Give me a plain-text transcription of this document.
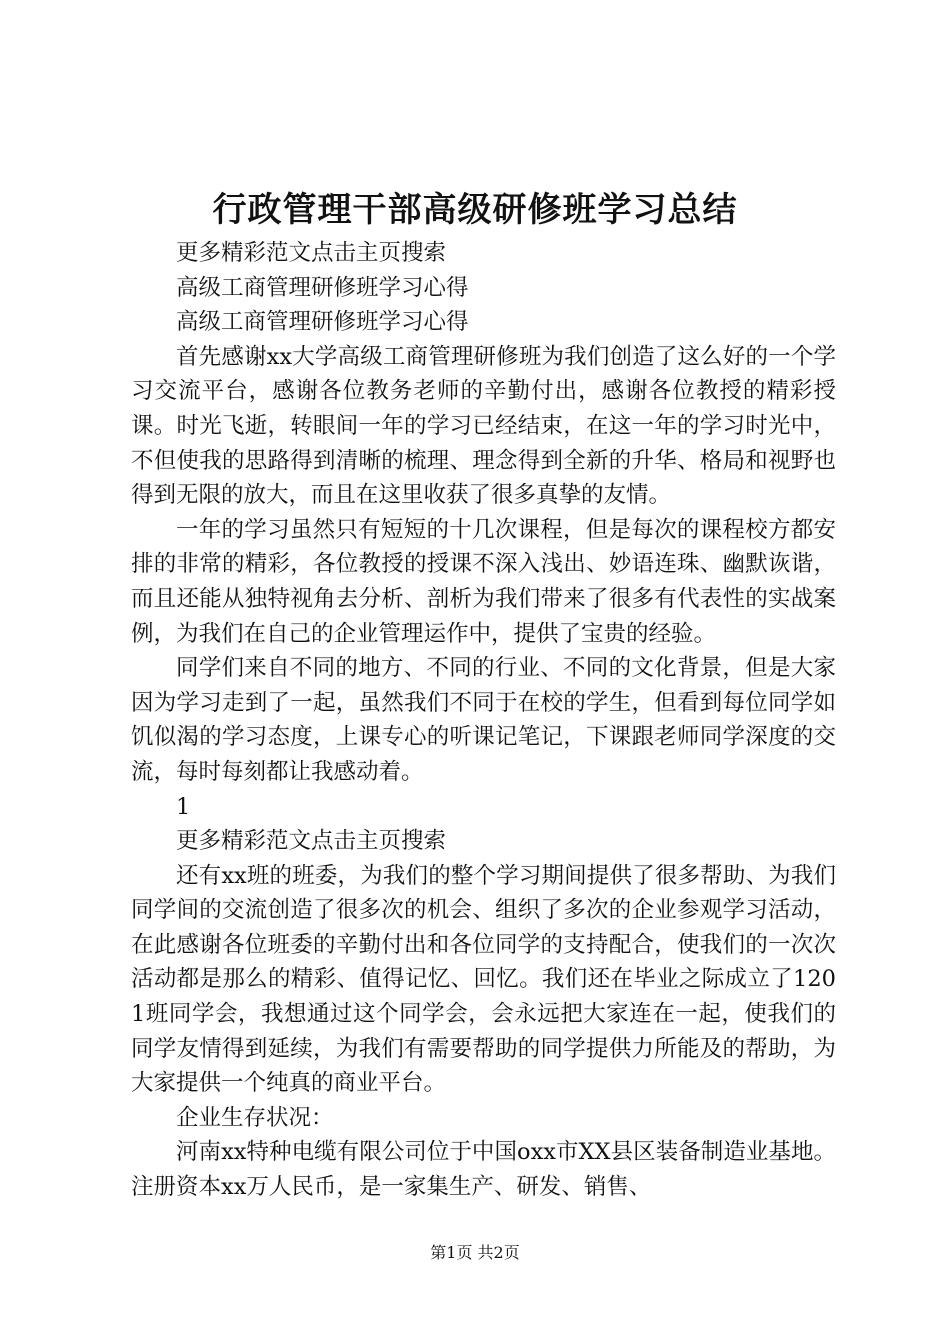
行政管理干部高级研修班学习总结

更多精彩范文点击主页搜索

高级工商管理研修班学习心得

高级工商管理研修班学习心得

首先感谢xx大学高级工商管理研修班为我们创造了这么好的一个学习交流平台，感谢各位教务老师的辛勤付出，感谢各位教授的精彩授课。时光飞逝，转眼间一年的学习已经结束，在这一年的学习时光中，不但使我的思路得到清晰的梳理、理念得到全新的升华、格局和视野也得到无限的放大，而且在这里收获了很多真挚的友情。

一年的学习虽然只有短短的十几次课程，但是每次的课程校方都安排的非常的精彩，各位教授的授课不深入浅出、妙语连珠、幽默诙谐，而且还能从独特视角去分析、剖析为我们带来了很多有代表性的实战案例，为我们在自己的企业管理运作中，提供了宝贵的经验。

同学们来自不同的地方、不同的行业、不同的文化背景，但是大家因为学习走到了一起，虽然我们不同于在校的学生，但看到每位同学如饥似渴的学习态度，上课专心的听课记笔记，下课跟老师同学深度的交流，每时每刻都让我感动着。

1

更多精彩范文点击主页搜索

还有xx班的班委，为我们的整个学习期间提供了很多帮助、为我们同学间的交流创造了很多次的机会、组织了多次的企业参观学习活动，在此感谢各位班委的辛勤付出和各位同学的支持配合，使我们的一次次活动都是那么的精彩、值得记忆、回忆。我们还在毕业之际成立了1201班同学会，我想通过这个同学会，会永远把大家连在一起，使我们的同学友情得到延续，为我们有需要帮助的同学提供力所能及的帮助，为大家提供一个纯真的商业平台。

企业生存状况：

河南xx特种电缆有限公司位于中国oxx市XX县区装备制造业基地。注册资本xx万人民币，是一家集生产、研发、销售、

第1页 共2页
